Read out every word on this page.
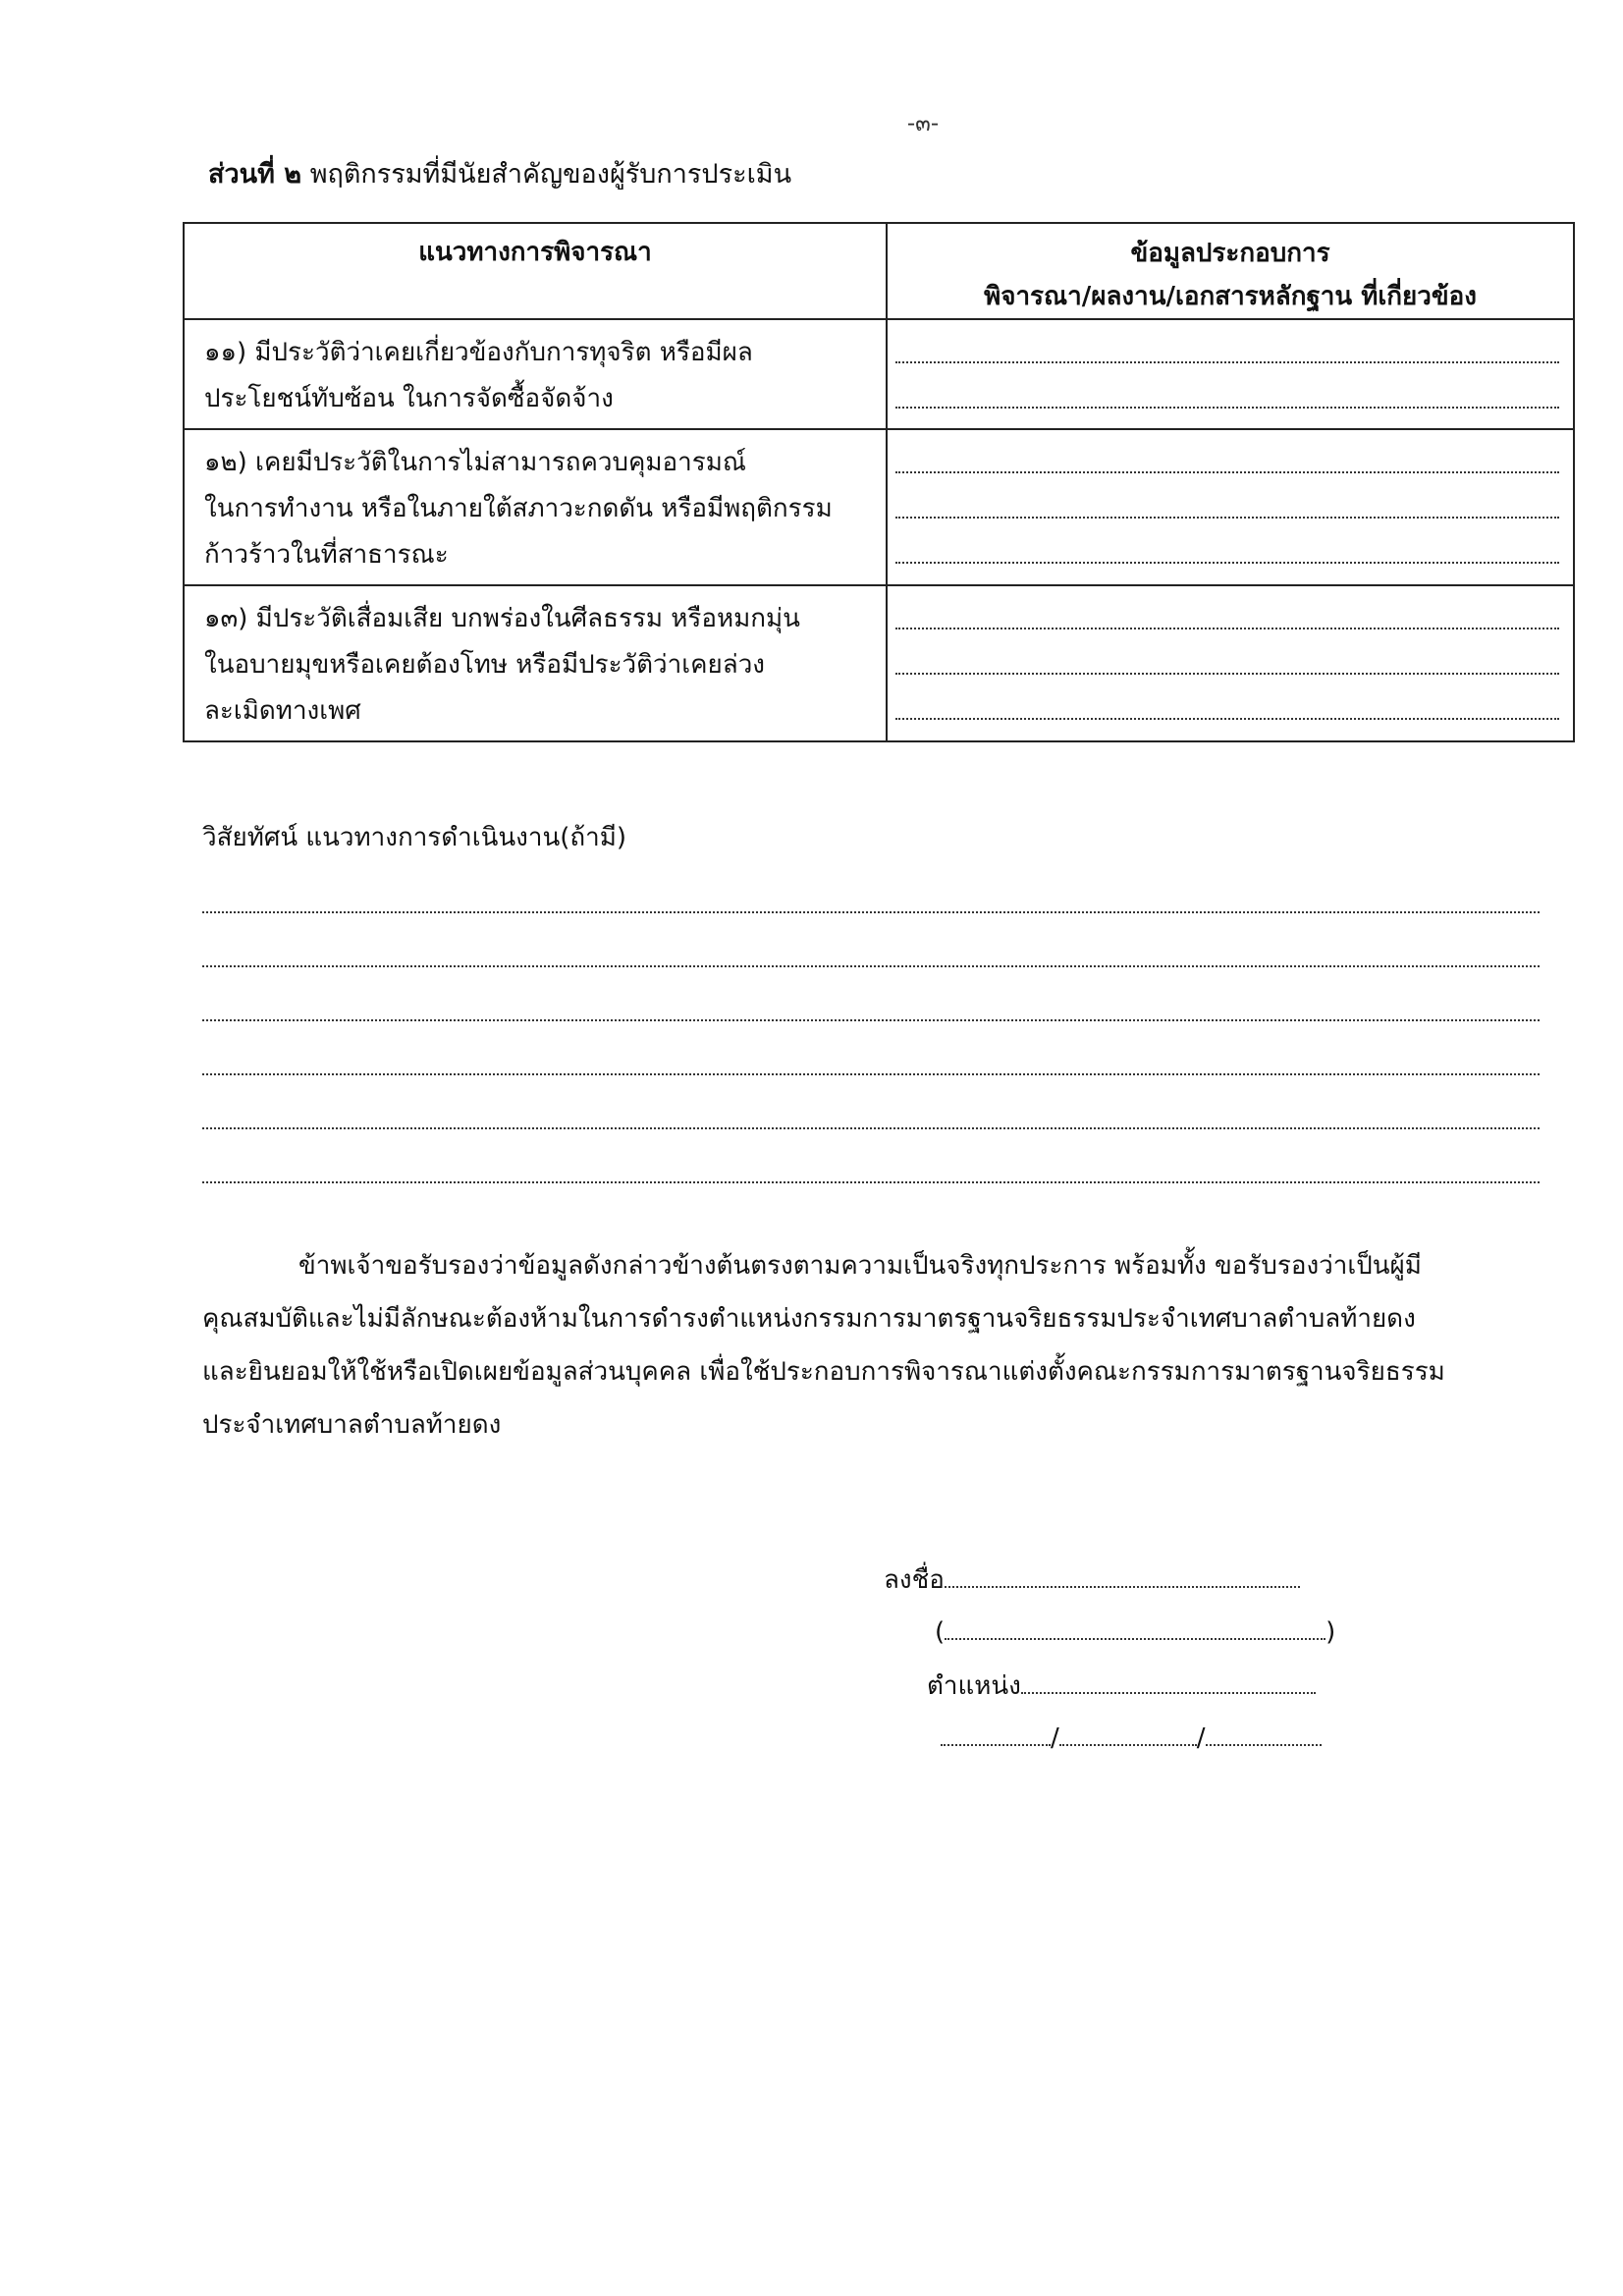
-๓-
ส่วนที่ ๒ พฤติกรรมที่มีนัยสำคัญของผู้รับการประเมิน
แนวทางการพิจารณา	ข้อมูลประกอบการ
พิจารณา/ผลงาน/เอกสารหลักฐาน ที่เกี่ยวข้อง

๑๑) มีประวัติว่าเคยเกี่ยวข้องกับการทุจริต หรือมีผล
ประโยชน์ทับซ้อน ในการจัดซื้อจัดจ้าง	

๑๒) เคยมีประวัติในการไม่สามารถควบคุมอารมณ์
ในการทำงาน หรือในภายใต้สภาวะกดดัน หรือมีพฤติกรรม
ก้าวร้าวในที่สาธารณะ	

๑๓) มีประวัติเสื่อมเสีย บกพร่องในศีลธรรม หรือหมกมุ่น
ในอบายมุขหรือเคยต้องโทษ หรือมีประวัติว่าเคยล่วง
ละเมิดทางเพศ	

วิสัยทัศน์ แนวทางการดำเนินงาน(ถ้ามี)
ข้าพเจ้าขอรับรองว่าข้อมูลดังกล่าวข้างต้นตรงตามความเป็นจริงทุกประการ พร้อมทั้ง ขอรับรองว่าเป็นผู้มี
คุณสมบัติและไม่มีลักษณะต้องห้ามในการดำรงตำแหน่งกรรมการมาตรฐานจริยธรรมประจำเทศบาลตำบลท้ายดง
และยินยอมให้ใช้หรือเปิดเผยข้อมูลส่วนบุคคล เพื่อใช้ประกอบการพิจารณาแต่งตั้งคณะกรรมการมาตรฐานจริยธรรม
ประจำเทศบาลตำบลท้ายดง
ลงชื่อ
(	)
ตำแหน่ง
/	/
